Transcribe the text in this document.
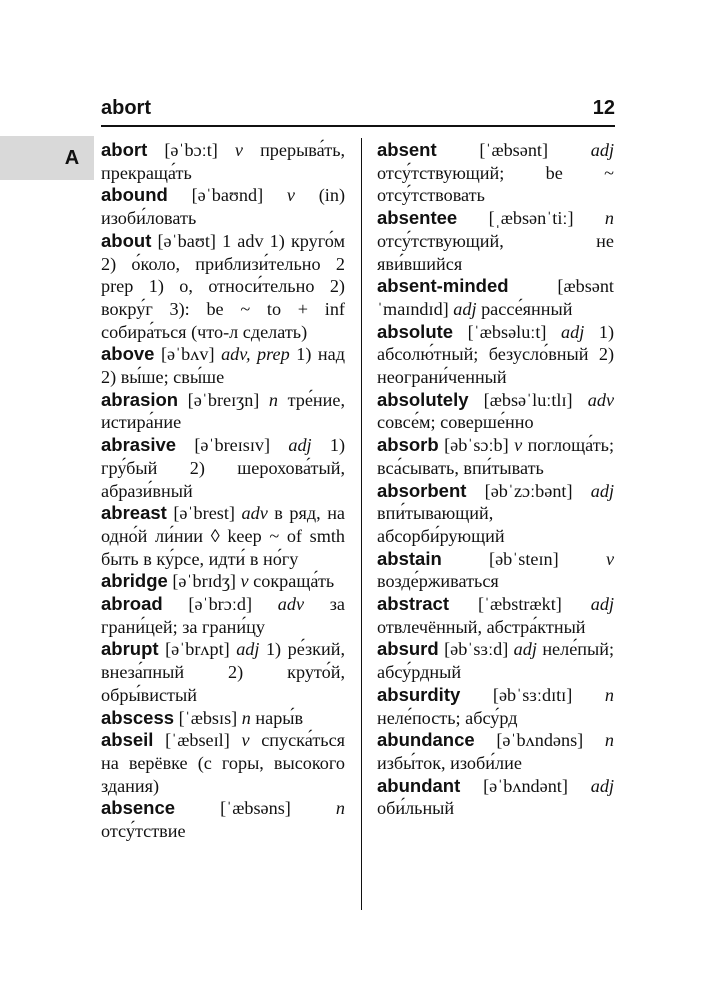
abort	12
A abort [əˈbɔːt] v прерыва́ть, прекраща́ть
abound [əˈbaʊnd] v (in) изоби́ловать
about [əˈbaʊt] 1 adv 1) круго́м 2) о́коло, приблизи́тельно 2 prep 1) о, относи́тельно 2) вокру́г 3): be ~ to + inf собира́ться (что-л сделать)
above [əˈbʌv] adv, prep 1) над 2) вы́ше; свы́ше
abrasion [əˈbreɪʒn] n тре́ние, истира́ние
abrasive [əˈbreɪsɪv] adj 1) гру́бый 2) шерохова́тый, абрази́вный
abreast [əˈbrest] adv в ряд, на одно́й ли́нии ◊ keep ~ of smth быть в ку́рсе, идти́ в но́гу
abridge [əˈbrɪdʒ] v сокраща́ть
abroad [əˈbrɔːd] adv за грани́цей; за грани́цу
abrupt [əˈbrʌpt] adj 1) ре́зкий, внеза́пный 2) круто́й, обры́вистый
abscess [ˈæbsɪs] n нары́в
abseil [ˈæbseɪl] v спуска́ться на верёвке (с горы, высокого здания)
absence [ˈæbsəns] n отсу́тствие
absent [ˈæbsənt] adj отсу́тствующий; be ~ отсу́тствовать
absentee [ˌæbsənˈtiː] n отсу́тствующий, не яви́вшийся
absent-minded	[æbsəntˈmaɪndɪd] adj рассе́янный
absolute [ˈæbsəluːt] adj 1) абсолю́тный; безусло́вный 2) неограни́ченный
absolutely [æbsəˈluːtlɪ] adv совсе́м; соверше́нно
absorb [əbˈsɔːb] v поглоща́ть; вса́сывать, впи́тывать
absorbent [əbˈzɔːbənt] adj впи́тывающий, абсорби́рующий
abstain	[əbˈsteɪn]	v возде́рживаться
abstract [ˈæbstrækt] adj отвлечённый, абстра́ктный
absurd [əbˈsɜːd] adj неле́пый; абсу́рдный
absurdity [əbˈsɜːdɪtɪ] n неле́пость; абсу́рд
abundance [əˈbʌndəns] n избы́ток, изоби́лие
abundant [əˈbʌndənt] adj оби́льный
